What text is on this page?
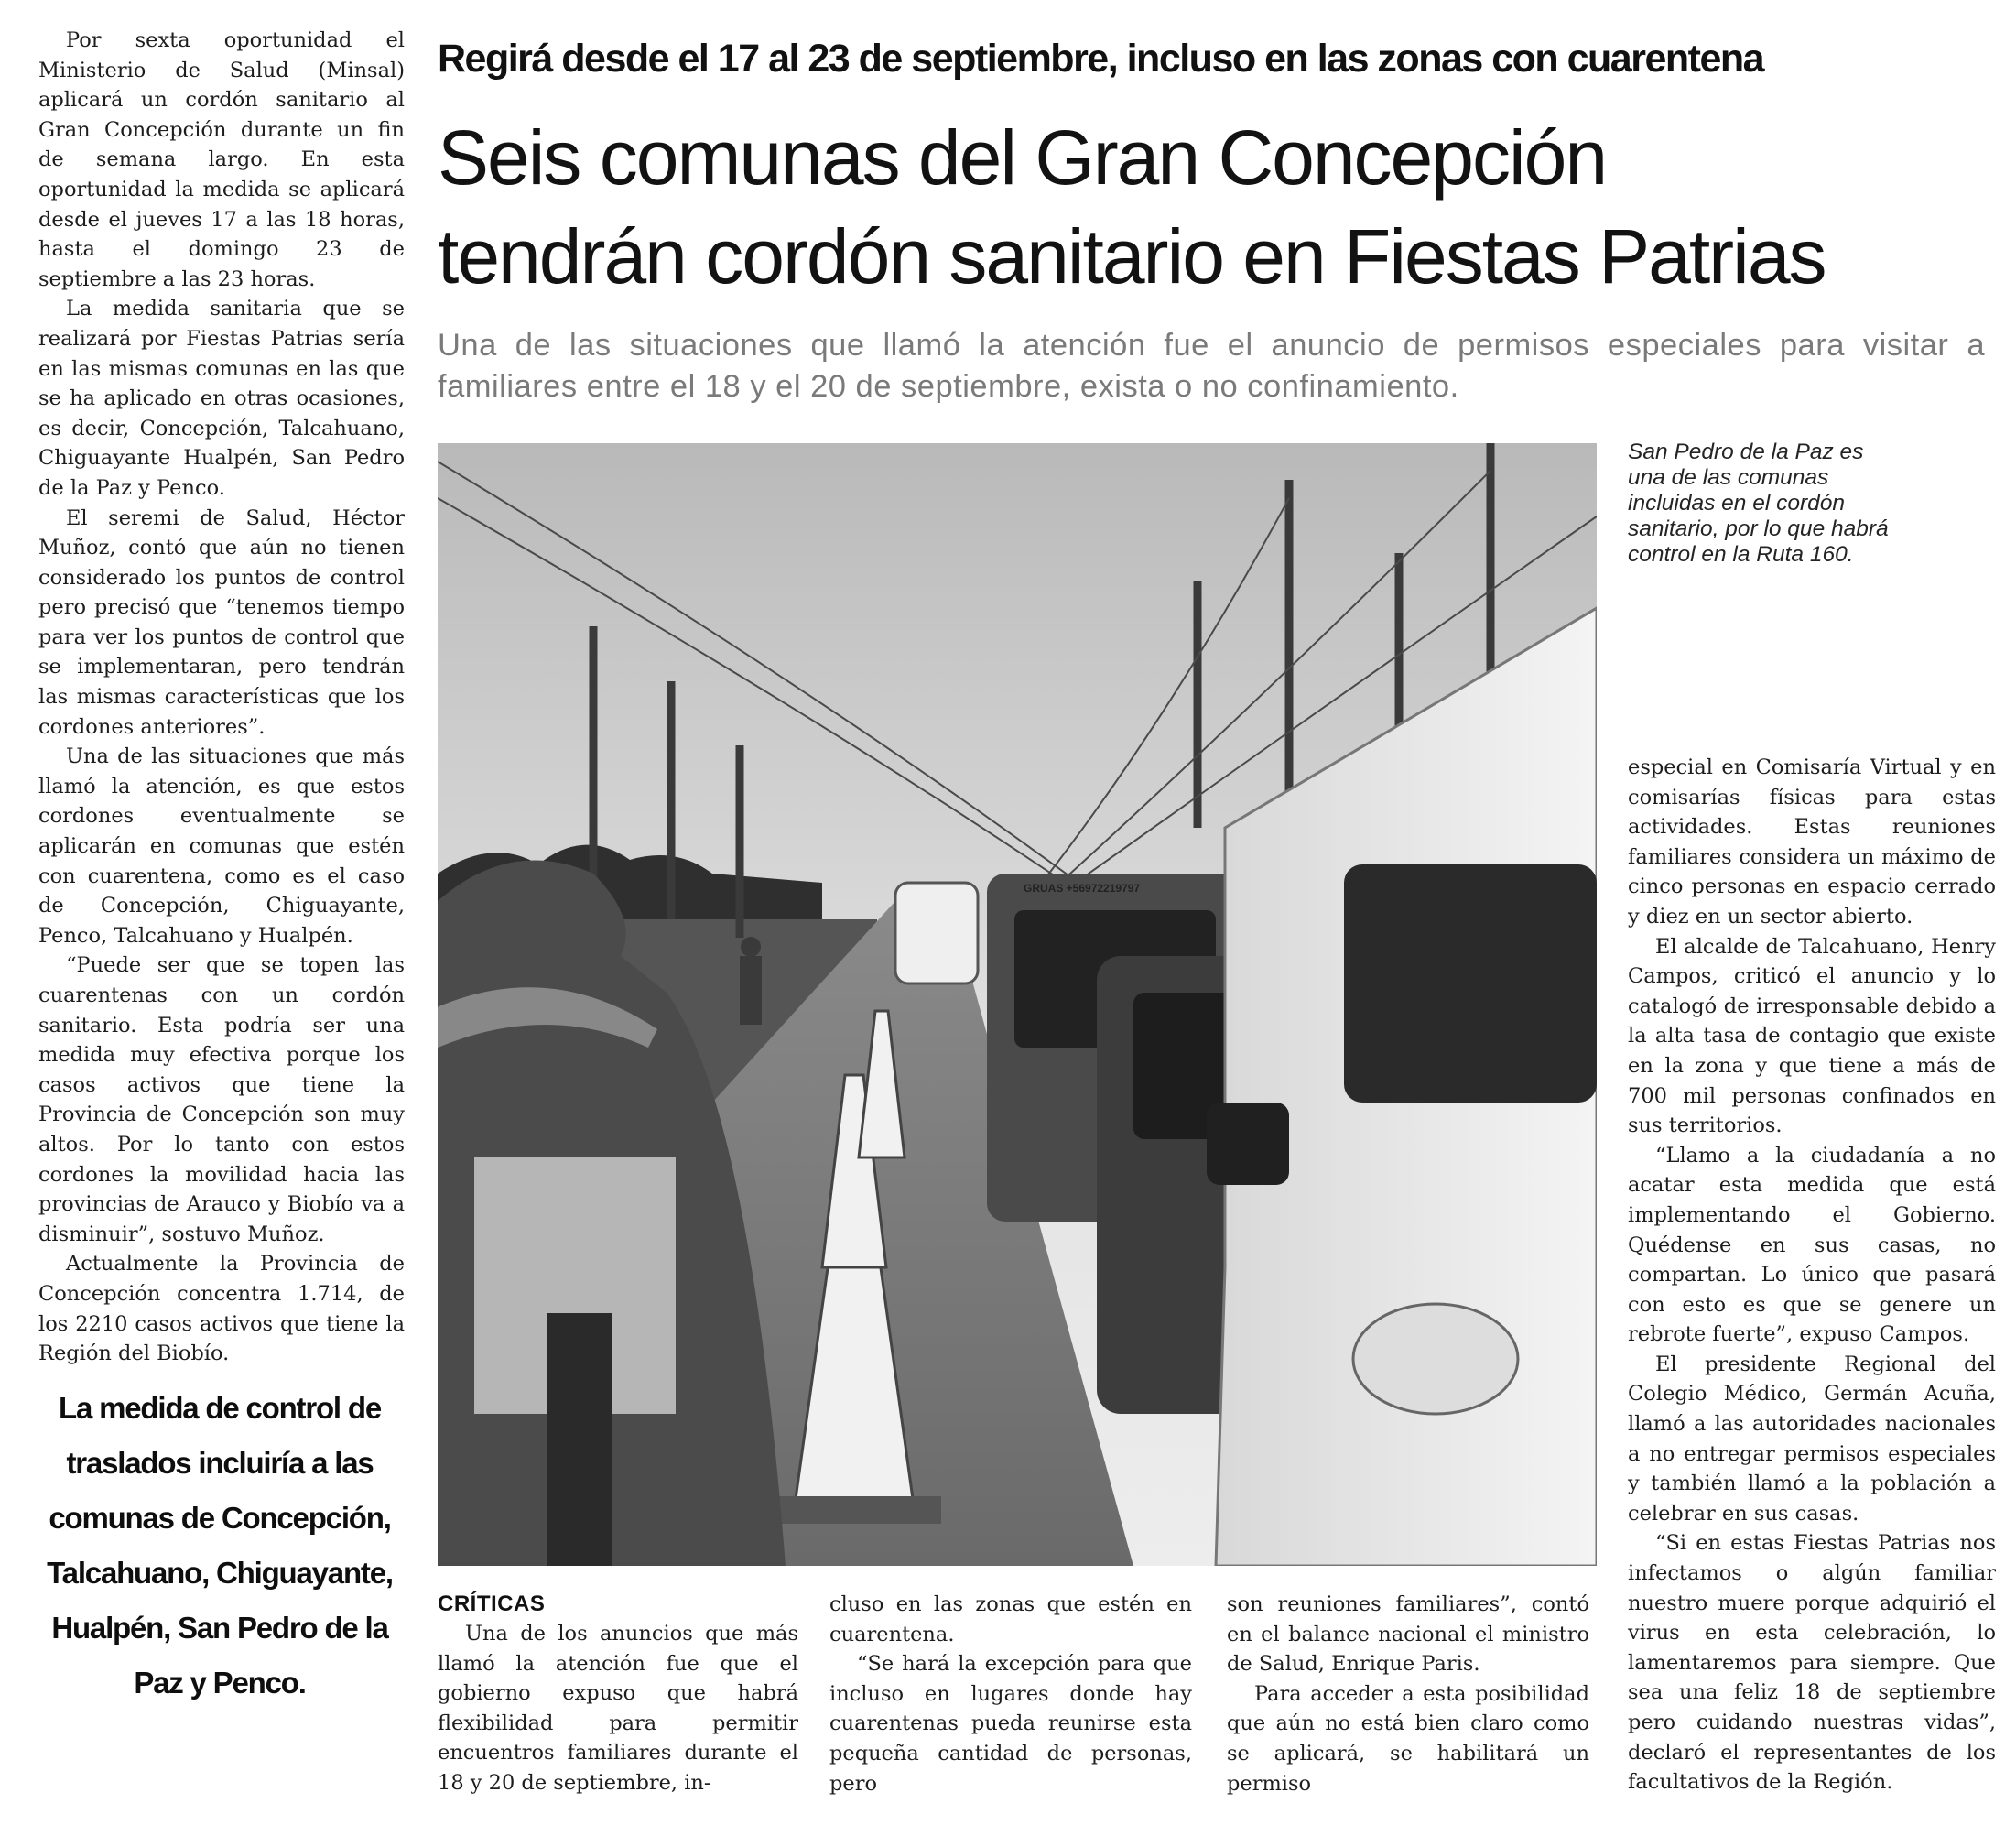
Por sexta oportunidad el Ministerio de Salud (Minsal) aplicará un cordón sanitario al Gran Concepción durante un fin de semana largo. En esta oportunidad la medida se aplicará desde el jueves 17 a las 18 horas, hasta el domingo 23 de septiembre a las 23 horas.

La medida sanitaria que se realizará por Fiestas Patrias sería en las mismas comunas en las que se ha aplicado en otras ocasiones, es decir, Concepción, Talcahuano, Chiguayante Hualpén, San Pedro de la Paz y Penco.

El seremi de Salud, Héctor Muñoz, contó que aún no tienen considerado los puntos de control pero precisó que “tenemos tiempo para ver los puntos de control que se implementaran, pero tendrán las mismas características que los cordones anteriores”.

Una de las situaciones que más llamó la atención, es que estos cordones eventualmente se aplicarán en comunas que estén con cuarentena, como es el caso de Concepción, Chiguayante, Penco, Talcahuano y Hualpén.

“Puede ser que se topen las cuarentenas con un cordón sanitario. Esta podría ser una medida muy efectiva porque los casos activos que tiene la Provincia de Concepción son muy altos. Por lo tanto con estos cordones la movilidad hacia las provincias de Arauco y Biobío va a disminuir”, sostuvo Muñoz.

Actualmente la Provincia de Concepción concentra 1.714, de los 2210 casos activos que tiene la Región del Biobío.

La medida de control de traslados incluiría a las comunas de Concepción, Talcahuano, Chiguayante, Hualpén, San Pedro de la Paz y Penco.
Regirá desde el 17 al 23 de septiembre, incluso en las zonas con cuarentena
Seis comunas del Gran Concepción
tendrán cordón sanitario en Fiestas Patrias
Una de las situaciones que llamó la atención fue el anuncio de permisos especiales para visitar a familiares entre el 18 y el 20 de septiembre, exista o no confinamiento.
GRUAS +56972219797
San Pedro de la Paz es una de las comunas incluidas en el cordón sanitario, por lo que habrá control en la Ruta 160.

especial en Comisaría Virtual y en comisarías físicas para estas actividades. Estas reuniones familiares considera un máximo de cinco personas en espacio cerrado y diez en un sector abierto.

El alcalde de Talcahuano, Henry Campos, criticó el anuncio y lo catalogó de irresponsable debido a la alta tasa de contagio que existe en la zona y que tiene a más de 700 mil personas confinados en sus territorios.

“Llamo a la ciudadanía a no acatar esta medida que está implementando el Gobierno. Quédense en sus casas, no compartan. Lo único que pasará con esto es que se genere un rebrote fuerte”, expuso Campos.

El presidente Regional del Colegio Médico, Germán Acuña, llamó a las autoridades nacionales a no entregar permisos especiales y también llamó a la población a celebrar en sus casas.

“Si en estas Fiestas Patrias nos infectamos o algún familiar nuestro muere porque adquirió el virus en esta celebración, lo lamentaremos para siempre. Que sea una feliz 18 de septiembre pero cuidando nuestras vidas”, declaró el representantes de los facultativos de la Región.

CRÍTICAS

Una de los anuncios que más llamó la atención fue que el gobierno expuso que habrá flexibilidad para permitir encuentros familiares durante el 18 y 20 de septiembre, in-

cluso en las zonas que estén en cuarentena.

“Se hará la excepción para que incluso en lugares donde hay cuarentenas pueda reunirse esta pequeña cantidad de personas, pero

son reuniones familiares”, contó en el balance nacional el ministro de Salud, Enrique Paris.

Para acceder a esta posibilidad que aún no está bien claro como se aplicará, se habilitará un permiso
